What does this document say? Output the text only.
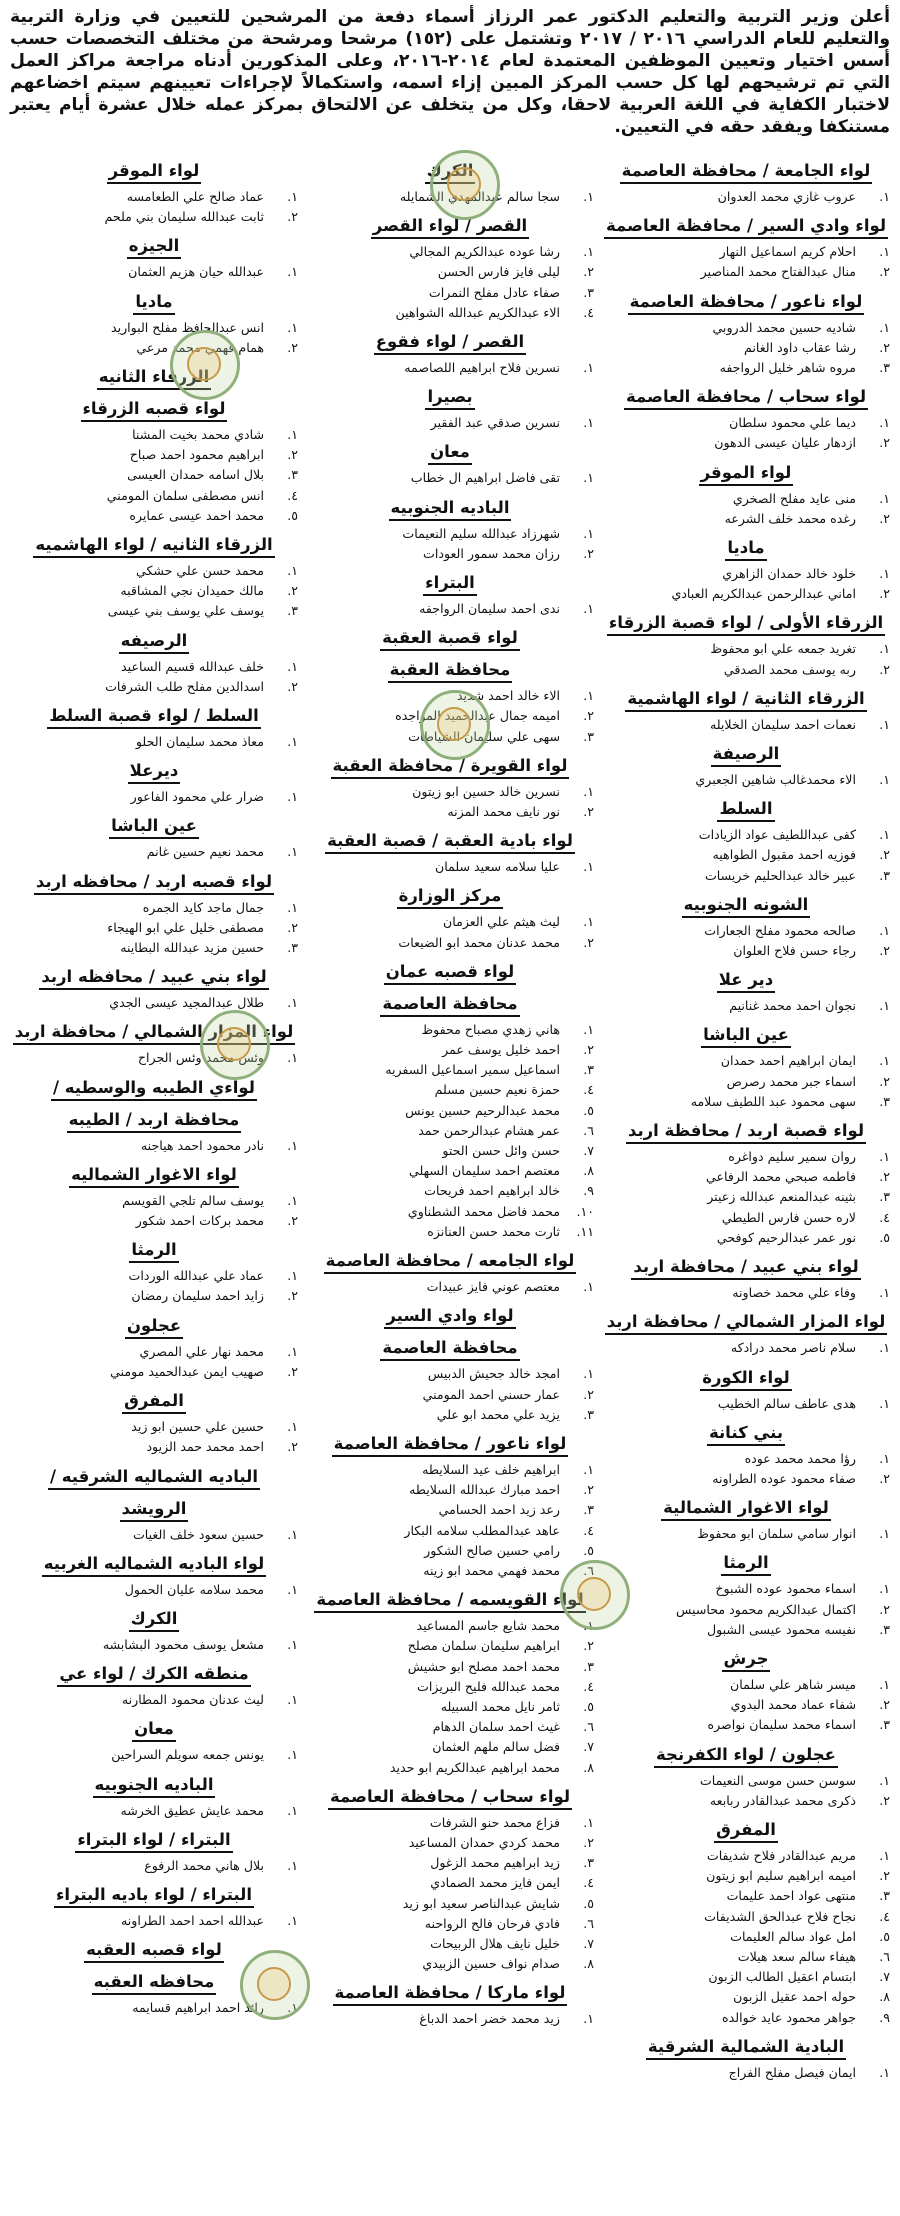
أعلن وزير التربية والتعليم الدكتور عمر الرزاز أسماء دفعة من المرشحين للتعيين في وزارة التربية والتعليم للعام الدراسي ٢٠١٦ / ٢٠١٧ وتشتمل على (١٥٢) مرشحا ومرشحة من مختلف التخصصات حسب أسس اختيار وتعيين الموظفين المعتمدة لعام ٢٠١٤-٢٠١٦، وعلى المذكورين أدناه مراجعة مراكز العمل التي تم ترشيحهم لها كل حسب المركز المبين إزاء اسمه، واستكمالاً لإجراءات تعيينهم سيتم اخضاعهم لاختبار الكفاية في اللغة العربية لاحقا، وكل من يتخلف عن الالتحاق بمركز عمله خلال عشرة أيام يعتبر مستنكفا ويفقد حقه في التعيين.

لواء الجامعة / محافظة العاصمة
١.
عروب غازي محمد العدوان
لواء وادي السير / محافظة العاصمة
١.
احلام كريم اسماعيل النهار
٢.
منال عبدالفتاح محمد المناصير
لواء ناعور / محافظة العاصمة
١.
شاديه حسين محمد الدروبي
٢.
رشا عقاب داود الغانم
٣.
مروه شاهر خليل الرواجفه
لواء سحاب / محافظة العاصمة
١.
ديما علي محمود سلطان
٢.
ازدهار عليان عيسى الدهون
لواء الموقر
١.
منى عايد مفلح الصخري
٢.
رغده محمد خلف الشرعه
ماديا
١.
خلود خالد حمدان الزاهري
٢.
اماني عبدالرحمن عبدالكريم العبادي
الزرقاء الأولى / لواء قصبة الزرقاء
١.
تغريد جمعه علي ابو محفوظ
٢.
ربه يوسف محمد الصدقي
الزرقاء الثانية / لواء الهاشمية
١.
نعمات احمد سليمان الخلايله
الرصيفة
١.
الاء محمدغالب شاهين الجعبري
السلط
١.
كفى عبداللطيف عواد الزيادات
٢.
فوزيه احمد مقبول الطواهيه
٣.
عبير خالد عبدالحليم خريسات
الشونه الجنوبيه
١.
صالحه محمود مفلح الجعارات
٢.
رجاء حسن فلاح العلوان
دير علا
١.
نجوان احمد محمد غنانيم
عين الباشا
١.
ايمان ابراهيم احمد حمدان
٢.
اسماء جبر محمد رصرص
٣.
سهى محمود عبد اللطيف سلامه
لواء قصبة اربد / محافظة اربد
١.
روان سمير سليم دواغره
٢.
فاطمه صبحي محمد الرفاعي
٣.
بثينه عبدالمنعم عبدالله زعيتر
٤.
لاره حسن فارس الطيطي
٥.
نور عمر عبدالرحيم كوفحي
لواء بني عبيد / محافظة اربد
١.
وفاء علي محمد خصاونه
لواء المزار الشمالي / محافظة اربد
١.
سلام ناصر محمد درادكه
لواء الكورة
١.
هدى عاطف سالم الخطيب
بني كنانة
١.
رؤا محمد محمد عوده
٢.
صفاء محمود عوده الطراونه
لواء الاغوار الشمالية
١.
انوار سامي سلمان ابو محفوظ
الرمثا
١.
اسماء محمود عوده الشبوخ
٢.
اكتمال عبدالكريم محمود محاسيس
٣.
نفيسه محمود عيسى الشبول
جرش
١.
ميسر شاهر علي سلمان
٢.
شفاء عماد محمد البدوي
٣.
اسماء محمد سليمان نواصره
عجلون / لواء الكفرنجة
١.
سوسن حسن موسى النعيمات
٢.
ذكرى محمد عبدالقادر ربابعه
المفرق
١.
مريم عبدالقادر فلاح شديفات
٢.
اميمه ابراهيم سليم ابو زيتون
٣.
منتهى عواد احمد عليمات
٤.
نجاح فلاح عبدالحق الشديفات
٥.
امل عواد سالم العليمات
٦.
هيفاء سالم سعد هيلات
٧.
ابتسام اعقيل الطالب الزبون
٨.
حوله احمد عقيل الزبون
٩.
جواهر محمود عايد خوالده
البادية الشمالية الشرقية
١.
ايمان فيصل مفلح الفراج
الكرك
١.
سجا سالم عبدالمهدي الشمايله
القصر / لواء القصر
١.
رشا عوده عبدالكريم المجالي
٢.
ليلى فايز فارس الحسن
٣.
صفاء عادل مفلح النمرات
٤.
الاء عبدالكريم عبدالله الشواهين
القصر / لواء فقوع
١.
نسرين فلاح ابراهيم اللصاصمه
بصيرا
١.
نسرين صدقي عبد الفقير
معان
١.
تقى فاضل ابراهيم ال خطاب
الباديه الجنوبيه
١.
شهرزاد عبدالله سليم النعيمات
٢.
رزان محمد سمور العودات
البتراء
١.
ندى احمد سليمان الرواجفه
لواء قصبة العقبة
محافظة العقبة
١.
الاء خالد احمد شديد
٢.
اميمه جمال عبدالحميد المواجده
٣.
سهى علي سليمان الشياطات
لواء القويرة / محافظة العقبة
١.
نسرين خالد حسين ابو زيتون
٢.
نور نايف محمد المزنه
لواء بادية العقبة / قصبة العقبة
١.
عليا سلامه سعيد سلمان
مركز الوزارة
١.
ليث هيثم علي العزمان
٢.
محمد عدنان محمد ابو الضيعات
لواء قصبه عمان
محافظة العاصمة
١.
هاني زهدي مصباح محفوظ
٢.
احمد خليل يوسف عمر
٣.
اسماعيل سمير اسماعيل السفريه
٤.
حمزة نعيم حسين مسلم
٥.
محمد عبدالرحيم حسين يونس
٦.
عمر هشام عبدالرحمن حمد
٧.
حسن وائل حسن الحتو
٨.
معتصم احمد سليمان السهلي
٩.
خالد ابراهيم احمد فريحات
١٠.
محمد فاضل محمد الشطناوي
١١.
ثارت محمد حسن العنانزه
لواء الجامعه / محافظة العاصمة
١.
معتصم عوني فايز عبيدات
لواء وادي السير
محافظة العاصمة
١.
امجد خالد جحيش الدبيس
٢.
عمار حسني احمد المومني
٣.
يزيد علي محمد ابو علي
لواء ناعور / محافظة العاصمة
١.
ابراهيم خلف عيد السلايطه
٢.
احمد مبارك عبدالله السلايطه
٣.
رعد زيد احمد الحسامي
٤.
عاهد عبدالمطلب سلامه البكار
٥.
رامي حسين صالح الشكور
٦.
محمد فهمي محمد ابو زينه
لواء القويسمه / محافظة العاصمة
١.
محمد شايع جاسم المساعيد
٢.
ابراهيم سليمان سلمان مصلح
٣.
محمد احمد مصلح ابو حشيش
٤.
محمد عبدالله فليح البريزات
٥.
ثامر نايل محمد السبيله
٦.
غيث احمد سلمان الدهام
٧.
فضل سالم ملهم العثمان
٨.
محمد ابراهيم عبدالكريم ابو حديد
لواء سحاب / محافظة العاصمة
١.
فزاع محمد حنو الشرفات
٢.
محمد كردي حمدان المساعيد
٣.
زيد ابراهيم محمد الزغول
٤.
ايمن فايز محمد الصمادي
٥.
شايش عبدالناصر سعيد ابو زيد
٦.
فادي فرحان فالح الرواحنه
٧.
خليل نايف هلال الربيحات
٨.
صدام نواف حسين الزبيدي
لواء ماركا / محافظة العاصمة
١.
زيد محمد خضر احمد الدباغ
لواء الموقر
١.
عماد صالح علي الطعامسه
٢.
ثابت عبدالله سليمان بني ملحم
الجيزه
١.
عبدالله حيان هزيم العثمان
ماديا
١.
انس عبدالحافظ مفلح البواريد
٢.
همام فهمي محمد مرعي
الزرقاء الثانيه
لواء قصبه الزرقاء
١.
شادي محمد بخيت المشنا
٢.
ابراهيم محمود احمد صباح
٣.
بلال اسامه حمدان العيسى
٤.
انس مصطفى سلمان المومني
٥.
محمد احمد عيسى عمايره
الزرقاء الثانيه / لواء الهاشميه
١.
محمد حسن علي حشكي
٢.
مالك حميدان نجي المشاقبه
٣.
يوسف علي يوسف بني عيسى
الرصيفه
١.
خلف عبدالله قسيم الساعيد
٢.
اسدالدين مفلح طلب الشرفات
السلط / لواء قصبة السلط
١.
معاذ محمد سليمان الحلو
ديرعلا
١.
ضرار علي محمود الفاعور
عين الباشا
١.
محمد نعيم حسين غانم
لواء قصبه اربد / محافظه اربد
١.
جمال ماجد كايد الجمره
٢.
مصطفى خليل علي ابو الهيجاء
٣.
حسين مزيد عبدالله البطاينه
لواء بني عبيد / محافظه اربد
١.
طلال عبدالمجيد عيسى الجدي
لواء المزار الشمالي / محافظة اربد
١.
وئس محمد وئس الجراح
لواءي الطيبه والوسطيه /
محافظة اربد / الطيبه
١.
نادر محمود احمد هياجنه
لواء الاغوار الشماليه
١.
يوسف سالم تلجي القويسم
٢.
محمد بركات احمد شكور
الرمثا
١.
عماد علي عبدالله الوردات
٢.
زايد احمد سليمان رمضان
عجلون
١.
محمد نهار علي المصري
٢.
صهيب ايمن عبدالحميد مومني
المفرق
١.
حسين علي حسين ابو زيد
٢.
احمد محمد حمد الزيود
الباديه الشماليه الشرقيه /
الرويشد
١.
حسين سعود خلف الغيات
لواء الباديه الشماليه الغربيه
١.
محمد سلامه عليان الحمول
الكرك
١.
مشعل يوسف محمود البشابشه
منطقه الكرك / لواء عي
١.
ليث عدنان محمود المطارنه
معان
١.
يونس جمعه سويلم السراحين
الباديه الجنوبيه
١.
محمد عايش عطيق الخرشه
البتراء / لواء البتراء
١.
بلال هاني محمد الرفوع
البتراء / لواء باديه البتراء
١.
عبدالله احمد احمد الطراونه
لواء قصبه العقبه
محافظه العقبه
١.
رائد احمد ابراهيم قسايمه
